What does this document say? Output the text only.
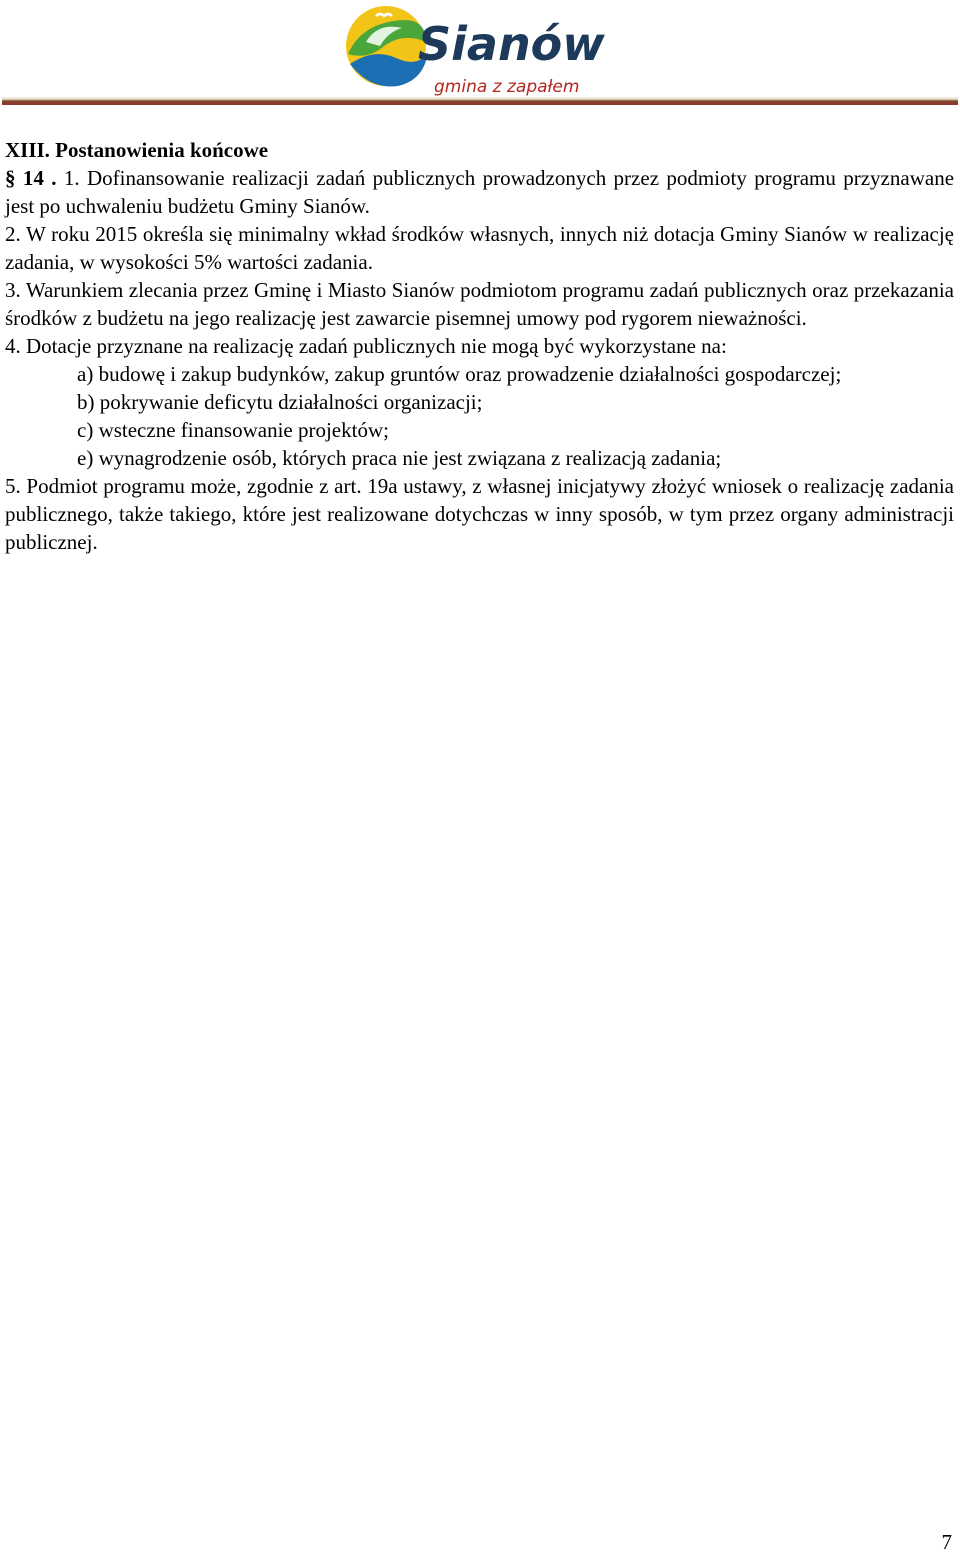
Sianów
gmina z zapałem

XIII. Postanowienia końcowe

§ 14 . 1. Dofinansowanie realizacji zadań publicznych prowadzonych przez podmioty programu przyznawane jest po uchwaleniu budżetu Gminy Sianów.

2. W roku 2015 określa się minimalny wkład środków własnych, innych niż dotacja Gminy Sianów w realizację zadania, w wysokości 5% wartości zadania.

3. Warunkiem zlecania przez Gminę i Miasto Sianów podmiotom programu zadań publicznych oraz przekazania środków z budżetu na jego realizację jest zawarcie pisemnej umowy pod rygorem nieważności.

4. Dotacje przyznane na realizację zadań publicznych nie mogą być wykorzystane na:

a) budowę i zakup budynków, zakup gruntów oraz prowadzenie działalności gospodarczej;

b) pokrywanie deficytu działalności organizacji;

c) wsteczne finansowanie projektów;

e) wynagrodzenie osób, których praca nie jest związana z realizacją zadania;

5. Podmiot programu może, zgodnie z art. 19a ustawy, z własnej inicjatywy złożyć wniosek o realizację zadania publicznego, także takiego, które jest realizowane dotychczas w inny sposób, w tym przez organy administracji publicznej.

7
